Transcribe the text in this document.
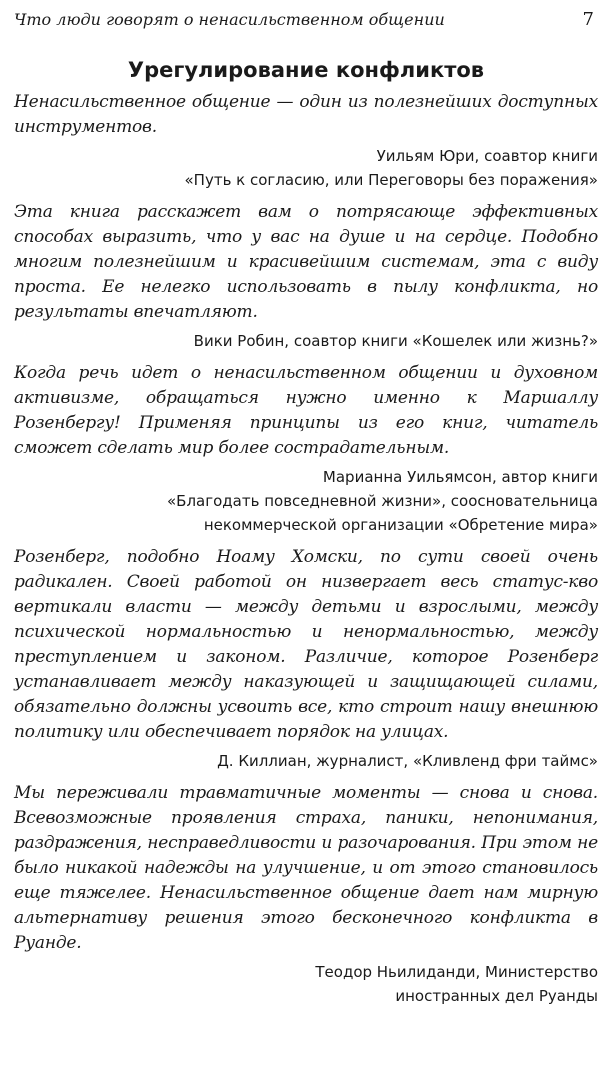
Что люди говорят о ненасильственном общении	7
Урегулирование конфликтов

Ненасильственное общение — один из полезнейших доступных инструментов.

Уильям Юри, соавтор книги
«Путь к согласию, или Переговоры без поражения»

Эта книга расскажет вам о потрясающе эффективных способах выразить, что у вас на душе и на сердце. Подобно многим полезнейшим и красивейшим системам, эта с виду проста. Ее нелегко использовать в пылу конфликта, но результаты впечатляют.

Вики Робин, соавтор книги «Кошелек или жизнь?»

Когда речь идет о ненасильственном общении и духовном активизме, обращаться нужно именно к Маршаллу Розенбергу! Применяя принципы из его книг, читатель сможет сделать мир более сострадательным.

Марианна Уильямсон, автор книги
«Благодать повседневной жизни», соосновательница
некоммерческой организации «Обретение мира»

Розенберг, подобно Ноаму Хомски, по сути своей очень радикален. Своей работой он низвергает весь статус-кво вертикали власти — между детьми и взрослыми, между психической нормальностью и ненормальностью, между преступлением и законом. Различие, которое Розенберг устанавливает между наказующей и защищающей силами, обязательно должны усвоить все, кто строит нашу внешнюю политику или обеспечивает порядок на улицах.

Д. Киллиан, журналист, «Кливленд фри таймс»

Мы переживали травматичные моменты — снова и снова. Всевозможные проявления страха, паники, непонимания, раздражения, несправедливости и разочарования. При этом не было никакой надежды на улучшение, и от этого становилось еще тяжелее. Ненасильственное общение дает нам мирную альтернативу решения этого бесконечного конфликта в Руанде.

Теодор Ньилиданди, Министерство
иностранных дел Руанды
